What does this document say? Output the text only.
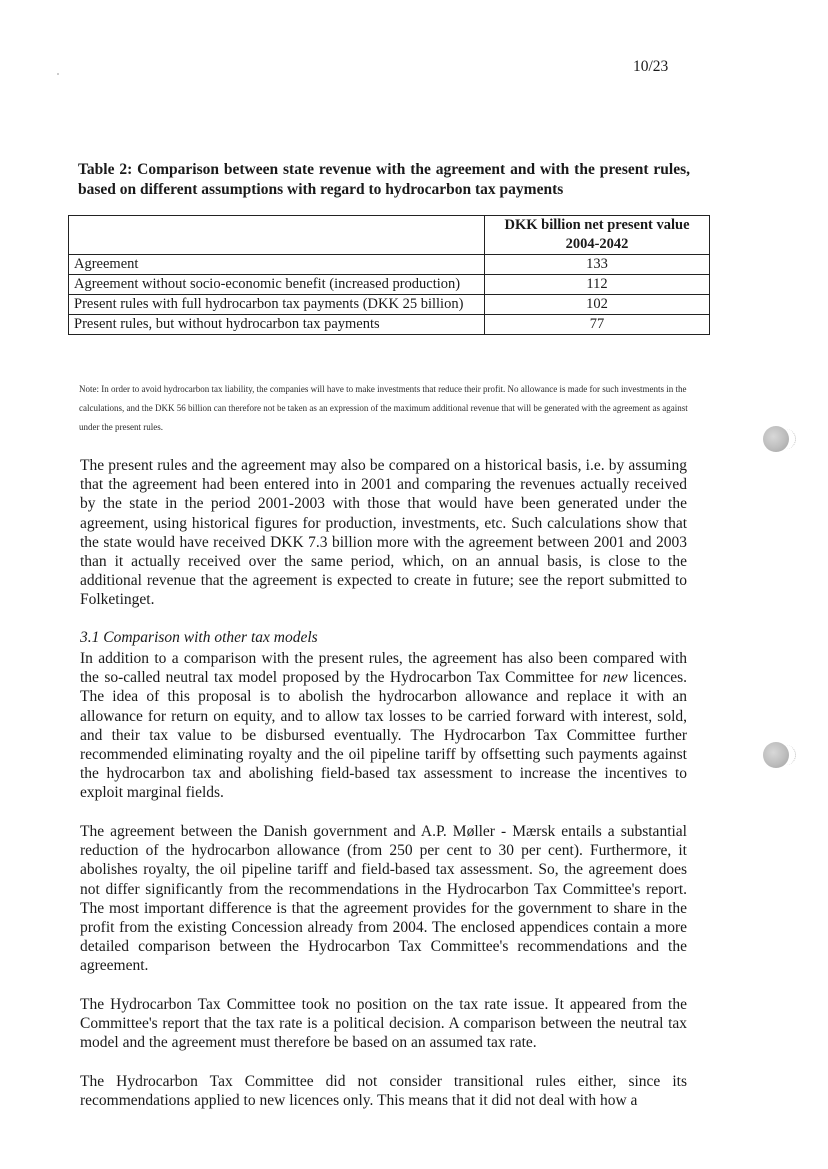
10/23
Table 2: Comparison between state revenue with the agreement and with the present rules, based on different assumptions with regard to hydrocarbon tax payments

	DKK billion net present value
2004-2042

Agreement	133
Agreement without socio-economic benefit (increased production)	112
Present rules with full hydrocarbon tax payments (DKK 25 billion)	102
Present rules, but without hydrocarbon tax payments	77
Note: In order to avoid hydrocarbon tax liability, the companies will have to make investments that reduce their profit. No allowance is made for such investments in the calculations, and the DKK 56 billion can therefore not be taken as an expression of the maximum additional revenue that will be generated with the agreement as against under the present rules.

The present rules and the agreement may also be compared on a historical basis, i.e. by assuming that the agreement had been entered into in 2001 and comparing the revenues actually received by the state in the period 2001-2003 with those that would have been generated under the agreement, using historical figures for production, investments, etc. Such calculations show that the state would have received DKK 7.3 billion more with the agreement between 2001 and 2003 than it actually received over the same period, which, on an annual basis, is close to the additional revenue that the agreement is expected to create in future; see the report submitted to Folketinget.

3.1 Comparison with other tax models

In addition to a comparison with the present rules, the agreement has also been compared with the so-called neutral tax model proposed by the Hydrocarbon Tax Committee for new licences. The idea of this proposal is to abolish the hydrocarbon allowance and replace it with an allowance for return on equity, and to allow tax losses to be carried forward with interest, sold, and their tax value to be disbursed eventually. The Hydrocarbon Tax Committee further recommended eliminating royalty and the oil pipeline tariff by offsetting such payments against the hydrocarbon tax and abolishing field-based tax assessment to increase the incentives to exploit marginal fields.

The agreement between the Danish government and A.P. Møller - Mærsk entails a substantial reduction of the hydrocarbon allowance (from 250 per cent to 30 per cent). Furthermore, it abolishes royalty, the oil pipeline tariff and field-based tax assessment. So, the agreement does not differ significantly from the recommendations in the Hydrocarbon Tax Committee's report. The most important difference is that the agreement provides for the government to share in the profit from the existing Concession already from 2004. The enclosed appendices contain a more detailed comparison between the Hydrocarbon Tax Committee's recommendations and the agreement.

The Hydrocarbon Tax Committee took no position on the tax rate issue. It appeared from the Committee's report that the tax rate is a political decision. A comparison between the neutral tax model and the agreement must therefore be based on an assumed tax rate.

The Hydrocarbon Tax Committee did not consider transitional rules either, since its recommendations applied to new licences only. This means that it did not deal with how a
